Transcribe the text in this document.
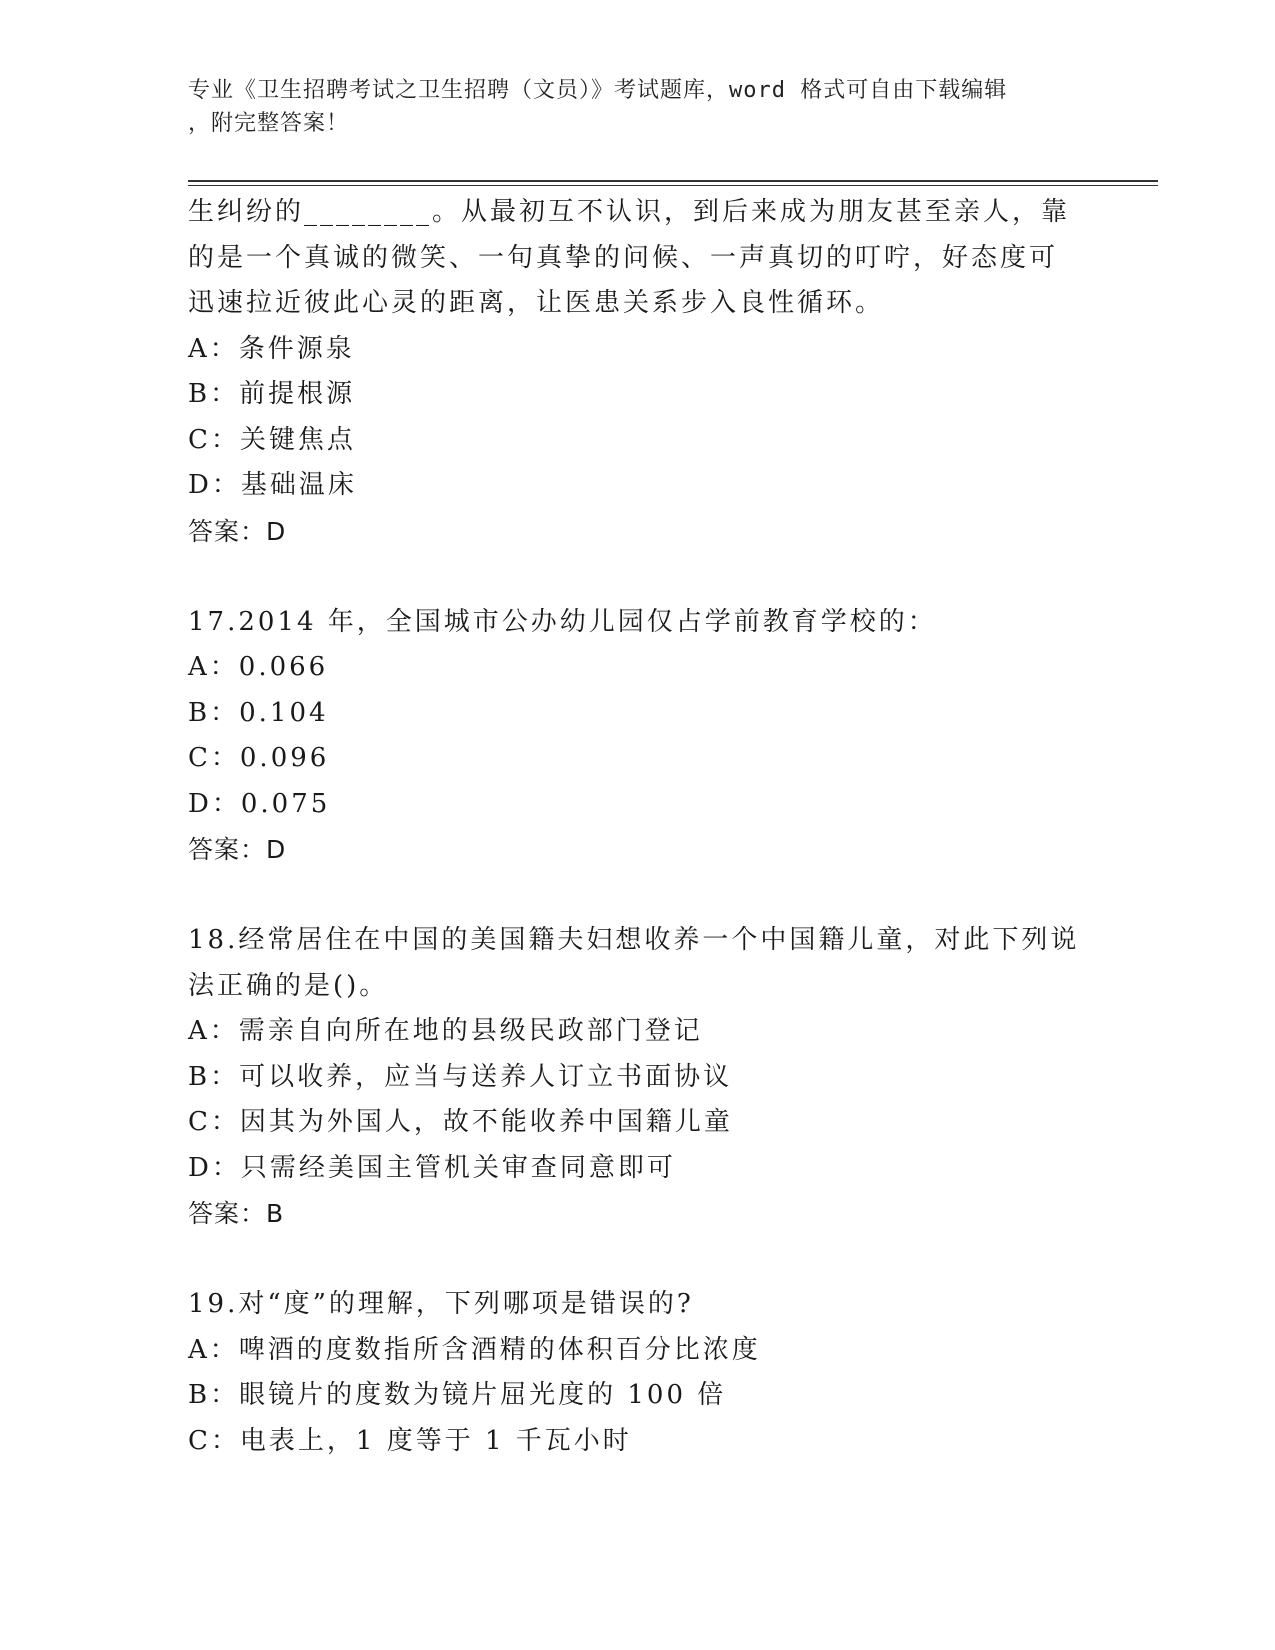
专业《卫生招聘考试之卫生招聘（文员）》考试题库，word 格式可自由下载编辑
，附完整答案！
生纠纷的________。从最初互不认识，到后来成为朋友甚至亲人，靠
的是一个真诚的微笑、一句真挚的问候、一声真切的叮咛，好态度可
迅速拉近彼此心灵的距离，让医患关系步入良性循环。
A：条件源泉
B：前提根源
C：关键焦点
D：基础温床
答案：D
17.2014 年，全国城市公办幼儿园仅占学前教育学校的：
A：0.066
B：0.104
C：0.096
D：0.075
答案：D
18.经常居住在中国的美国籍夫妇想收养一个中国籍儿童，对此下列说
法正确的是()。
A：需亲自向所在地的县级民政部门登记
B：可以收养，应当与送养人订立书面协议
C：因其为外国人，故不能收养中国籍儿童
D：只需经美国主管机关审查同意即可
答案：B
19.对“度”的理解，下列哪项是错误的?
A：啤酒的度数指所含酒精的体积百分比浓度
B：眼镜片的度数为镜片屈光度的 100 倍
C：电表上，1 度等于 1 千瓦小时
